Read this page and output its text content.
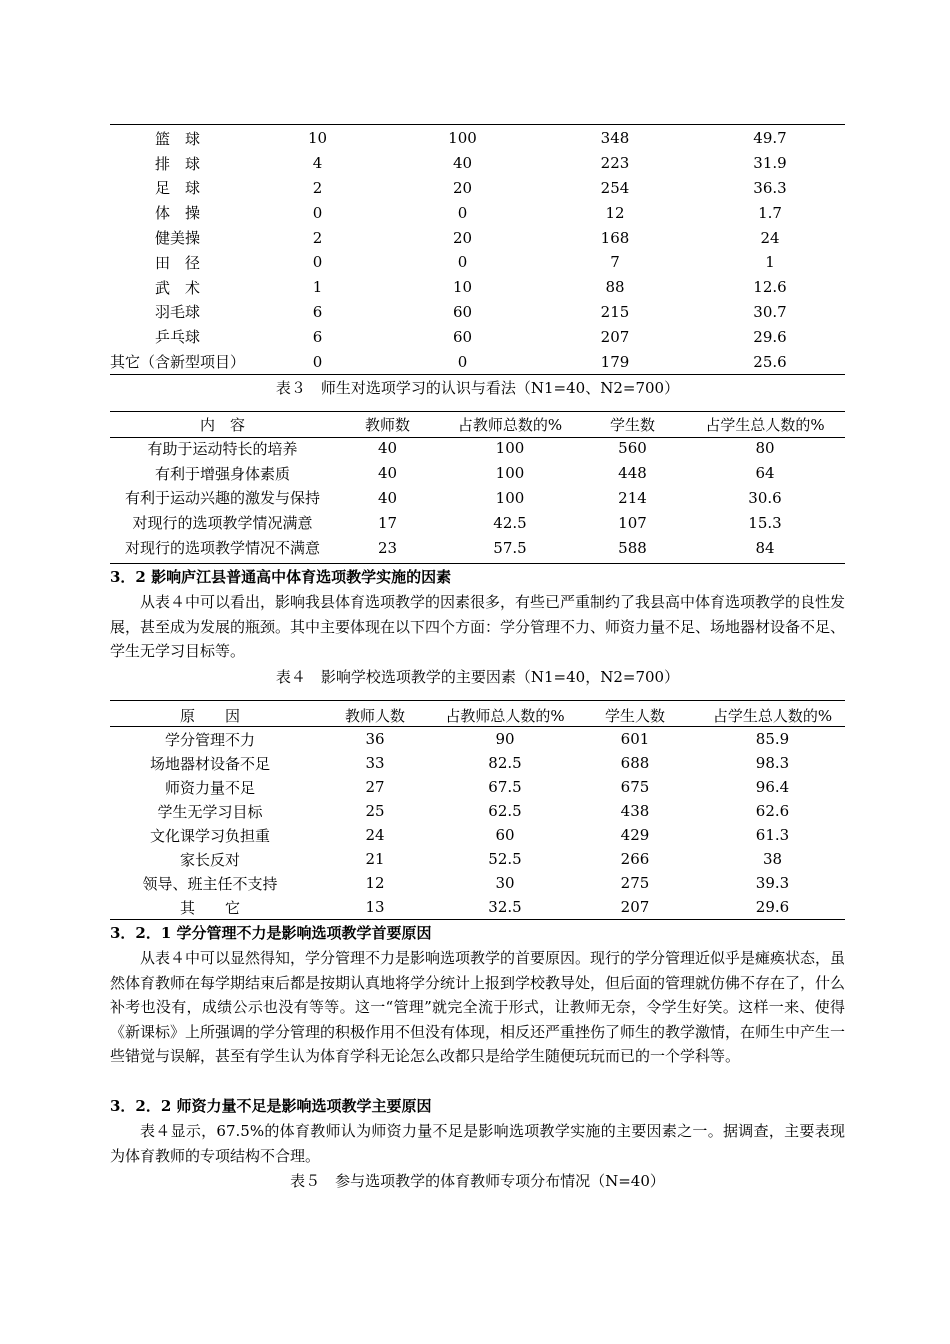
篮　球	10	100	348	49.7
排　球	4	40	223	31.9
足　球	2	20	254	36.3
体　操	0	0	12	1.7
健美操	2	20	168	24
田　径	0	0	7	1
武　术	1	10	88	12.6
羽毛球	6	60	215	30.7
乒乓球	6	60	207	29.6
其它（含新型项目）	0	0	179	25.6
表３　师生对选项学习的认识与看法（N1=40、N2=700）
内　容	教师数	占教师总数的%	学生数	占学生总人数的%
有助于运动特长的培养	40	100	560	80
有利于增强身体素质	40	100	448	64
有利于运动兴趣的激发与保持	40	100	214	30.6
对现行的选项教学情况满意	17	42.5	107	15.3
对现行的选项教学情况不满意	23	57.5	588	84
3．2 影响庐江县普通高中体育选项教学实施的因素

从表４中可以看出，影响我县体育选项教学的因素很多，有些已严重制约了我县高中体育选项教学的良性发展，甚至成为发展的瓶颈。其中主要体现在以下四个方面：学分管理不力、师资力量不足、场地器材设备不足、学生无学习目标等。

表４　影响学校选项教学的主要因素（N1=40，N2=700）
原　　因	教师人数	占教师总人数的%	学生人数	占学生总人数的%
学分管理不力	36	90	601	85.9
场地器材设备不足	33	82.5	688	98.3
师资力量不足	27	67.5	675	96.4
学生无学习目标	25	62.5	438	62.6
文化课学习负担重	24	60	429	61.3
家长反对	21	52.5	266	38
领导、班主任不支持	12	30	275	39.3
其　　它	13	32.5	207	29.6
3．2．1 学分管理不力是影响选项教学首要原因

从表４中可以显然得知，学分管理不力是影响选项教学的首要原因。现行的学分管理近似乎是瘫痪状态，虽然体育教师在每学期结束后都是按期认真地将学分统计上报到学校教导处，但后面的管理就仿佛不存在了，什么补考也没有，成绩公示也没有等等。这一“管理”就完全流于形式，让教师无奈，令学生好笑。这样一来、使得《新课标》上所强调的学分管理的积极作用不但没有体现，相反还严重挫伤了师生的教学激情，在师生中产生一些错觉与误解，甚至有学生认为体育学科无论怎么改都只是给学生随便玩玩而已的一个学科等。

3．2．2 师资力量不足是影响选项教学主要原因

表４显示，67.5%的体育教师认为师资力量不足是影响选项教学实施的主要因素之一。据调查，主要表现为体育教师的专项结构不合理。

表５　参与选项教学的体育教师专项分布情况（N=40）
